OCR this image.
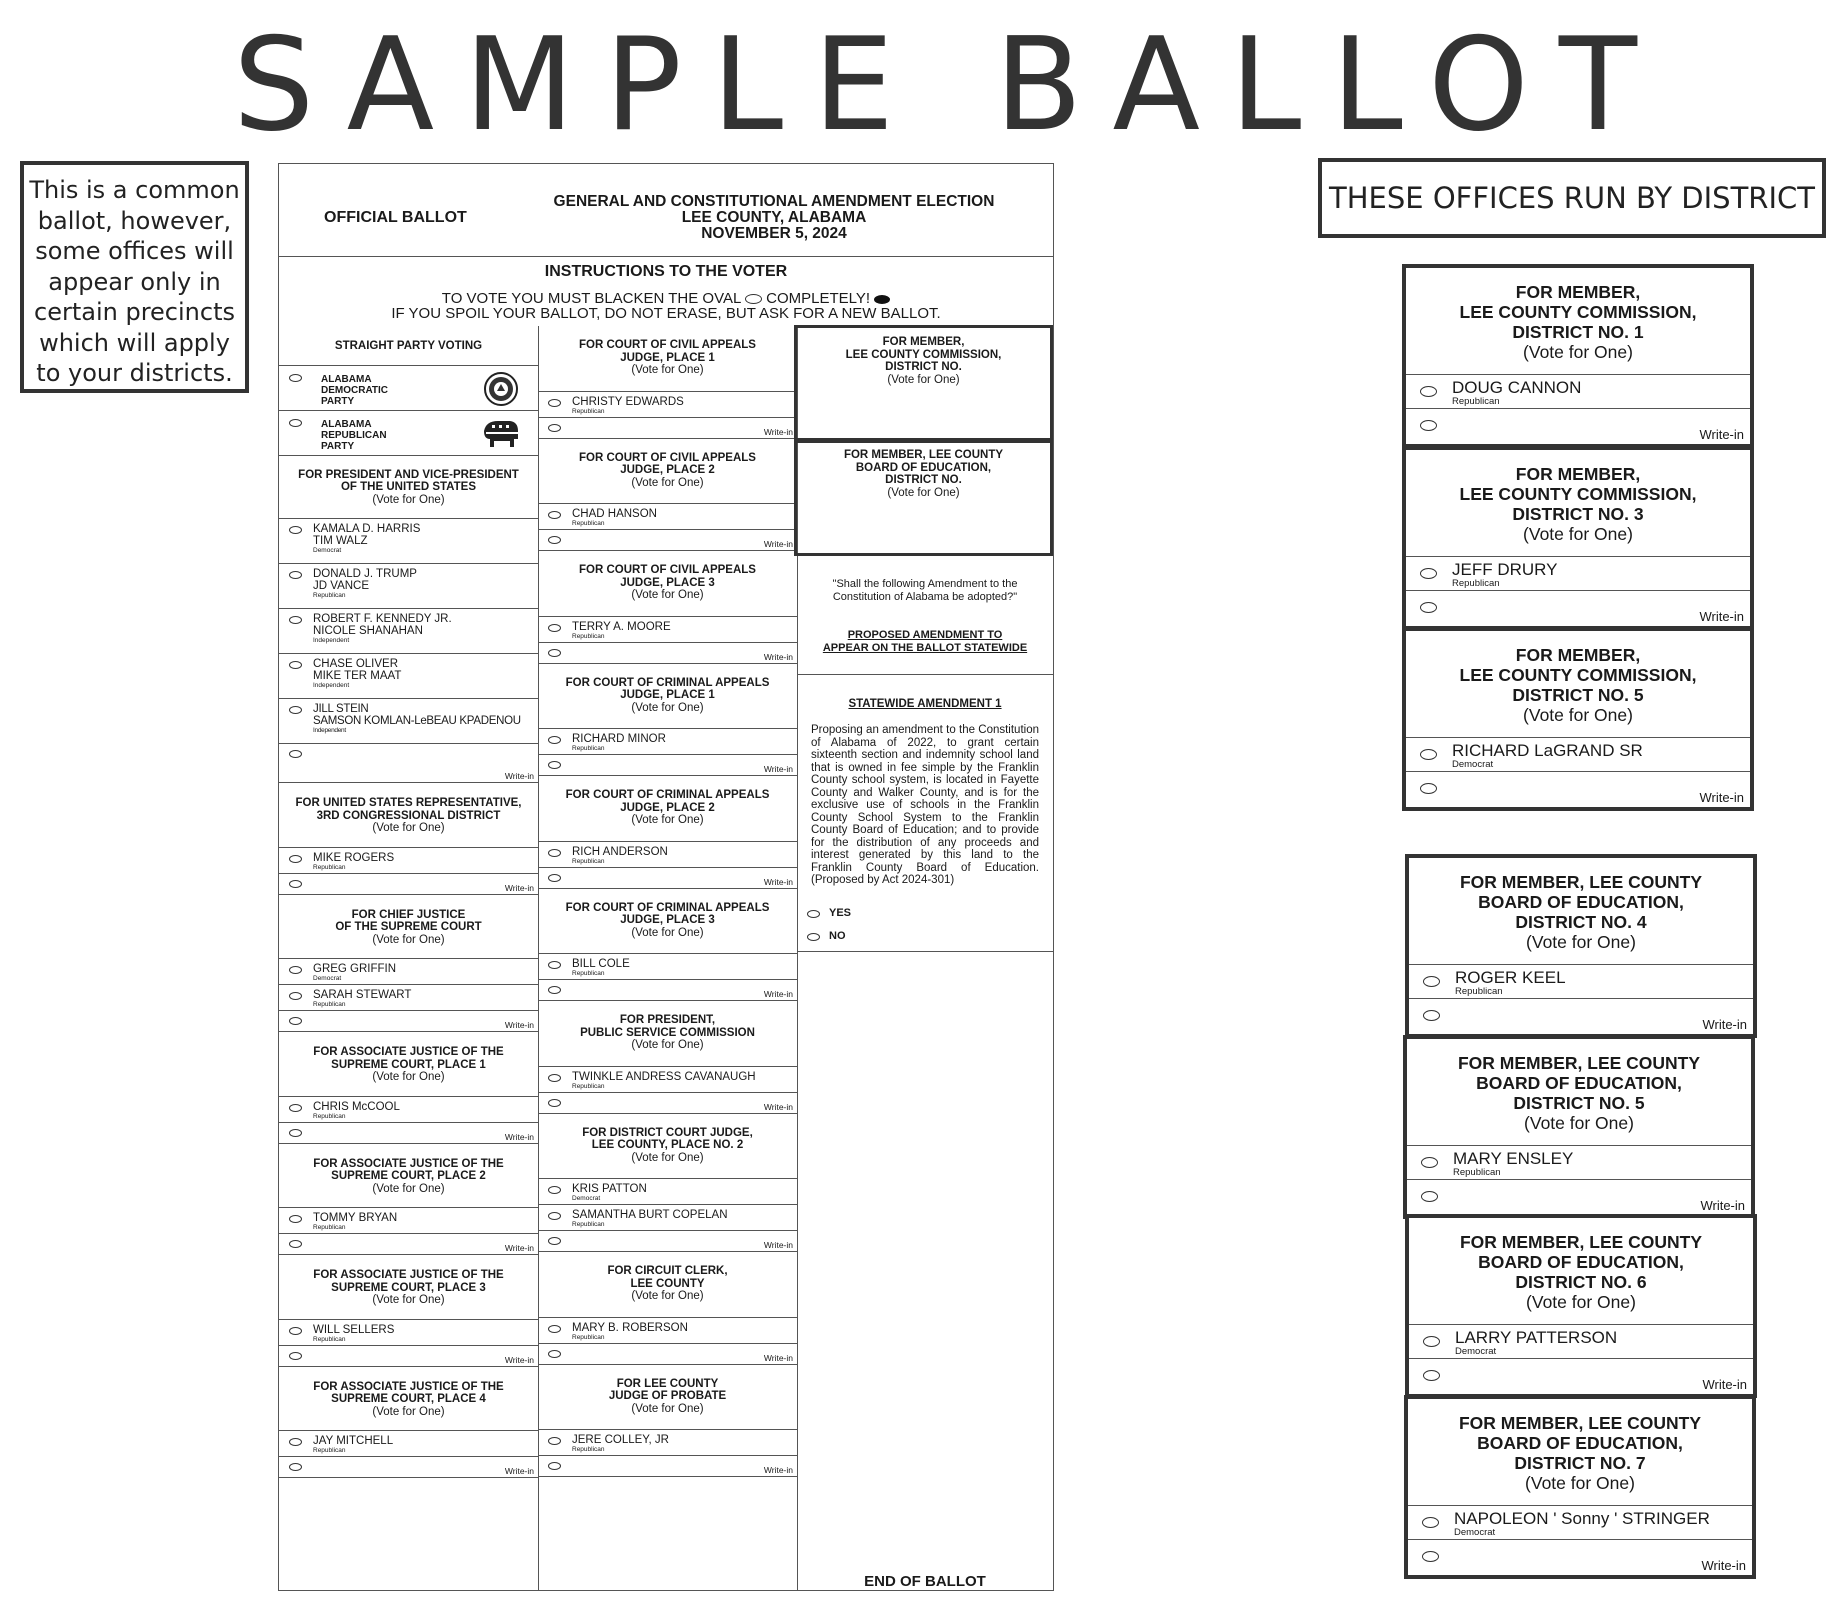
SAMPLE BALLOT
This is a common ballot, however, some offices will appear only in certain precincts which will apply to your districts.
THESE OFFICES RUN BY DISTRICT
OFFICIAL BALLOT
GENERAL AND CONSTITUTIONAL AMENDMENT ELECTION
LEE COUNTY, ALABAMA
NOVEMBER 5, 2024
INSTRUCTIONS TO THE VOTER
TO VOTE YOU MUST BLACKEN THE OVAL COMPLETELY!
IF YOU SPOIL YOUR BALLOT, DO NOT ERASE, BUT ASK FOR A NEW BALLOT.
STRAIGHT PARTY VOTING
ALABAMA
DEMOCRATIC
PARTY
ALABAMA
REPUBLICAN
PARTY
FOR PRESIDENT AND VICE-PRESIDENT
OF THE UNITED STATES
(Vote for One)
KAMALA D. HARRIS
TIM WALZ
Democrat
DONALD J. TRUMP
JD VANCE
Republican
ROBERT F. KENNEDY JR.
NICOLE SHANAHAN
Independent
CHASE OLIVER
MIKE TER MAAT
Independent
JILL STEIN
SAMSON KOMLAN-LeBEAU KPADENOU
Independent
Write-in
FOR UNITED STATES REPRESENTATIVE,
3RD CONGRESSIONAL DISTRICT
(Vote for One)
MIKE ROGERS
Republican
Write-in
FOR CHIEF JUSTICE
OF THE SUPREME COURT
(Vote for One)
GREG GRIFFIN
Democrat
SARAH STEWART
Republican
Write-in
FOR ASSOCIATE JUSTICE OF THE
SUPREME COURT, PLACE 1
(Vote for One)
CHRIS McCOOL
Republican
Write-in
FOR ASSOCIATE JUSTICE OF THE
SUPREME COURT, PLACE 2
(Vote for One)
TOMMY BRYAN
Republican
Write-in
FOR ASSOCIATE JUSTICE OF THE
SUPREME COURT, PLACE 3
(Vote for One)
WILL SELLERS
Republican
Write-in
FOR ASSOCIATE JUSTICE OF THE
SUPREME COURT, PLACE 4
(Vote for One)
JAY MITCHELL
Republican
Write-in
FOR COURT OF CIVIL APPEALS
JUDGE, PLACE 1
(Vote for One)
CHRISTY EDWARDS
Republican
Write-in
FOR COURT OF CIVIL APPEALS
JUDGE, PLACE 2
(Vote for One)
CHAD HANSON
Republican
Write-in
FOR COURT OF CIVIL APPEALS
JUDGE, PLACE 3
(Vote for One)
TERRY A. MOORE
Republican
Write-in
FOR COURT OF CRIMINAL APPEALS
JUDGE, PLACE 1
(Vote for One)
RICHARD MINOR
Republican
Write-in
FOR COURT OF CRIMINAL APPEALS
JUDGE, PLACE 2
(Vote for One)
RICH ANDERSON
Republican
Write-in
FOR COURT OF CRIMINAL APPEALS
JUDGE, PLACE 3
(Vote for One)
BILL COLE
Republican
Write-in
FOR PRESIDENT,
PUBLIC SERVICE COMMISSION
(Vote for One)
TWINKLE ANDRESS CAVANAUGH
Republican
Write-in
FOR DISTRICT COURT JUDGE,
LEE COUNTY, PLACE NO. 2
(Vote for One)
KRIS PATTON
Democrat
SAMANTHA BURT COPELAN
Republican
Write-in
FOR CIRCUIT CLERK,
LEE COUNTY
(Vote for One)
MARY B. ROBERSON
Republican
Write-in
FOR LEE COUNTY
JUDGE OF PROBATE
(Vote for One)
JERE COLLEY, JR
Republican
Write-in
FOR MEMBER,
LEE COUNTY COMMISSION,
DISTRICT NO.
(Vote for One)
FOR MEMBER, LEE COUNTY
BOARD OF EDUCATION,
DISTRICT NO.
(Vote for One)
"Shall the following Amendment to the Constitution of Alabama be adopted?"
PROPOSED AMENDMENT TO
APPEAR ON THE BALLOT STATEWIDE
STATEWIDE AMENDMENT 1
Proposing an amendment to the Constitution of Alabama of 2022, to grant certain sixteenth section and indemnity school land that is owned in fee simple by the Franklin County school system, is located in Fayette County and Walker County, and is for the exclusive use of schools in the Franklin County School System to the Franklin County Board of Education; and to provide for the distribution of any proceeds and interest generated by this land to the Franklin County Board of Education. (Proposed by Act 2024-301)
YES
NO
END OF BALLOT
FOR MEMBER,
LEE COUNTY COMMISSION,
DISTRICT NO. 1
(Vote for One)
DOUG CANNON
Republican
Write-in
FOR MEMBER,
LEE COUNTY COMMISSION,
DISTRICT NO. 3
(Vote for One)
JEFF DRURY
Republican
Write-in
FOR MEMBER,
LEE COUNTY COMMISSION,
DISTRICT NO. 5
(Vote for One)
RICHARD LaGRAND SR
Democrat
Write-in
FOR MEMBER, LEE COUNTY
BOARD OF EDUCATION,
DISTRICT NO. 4
(Vote for One)
ROGER KEEL
Republican
Write-in
FOR MEMBER, LEE COUNTY
BOARD OF EDUCATION,
DISTRICT NO. 5
(Vote for One)
MARY ENSLEY
Republican
Write-in
FOR MEMBER, LEE COUNTY
BOARD OF EDUCATION,
DISTRICT NO. 6
(Vote for One)
LARRY PATTERSON
Democrat
Write-in
FOR MEMBER, LEE COUNTY
BOARD OF EDUCATION,
DISTRICT NO. 7
(Vote for One)
NAPOLEON ' Sonny ' STRINGER
Democrat
Write-in
